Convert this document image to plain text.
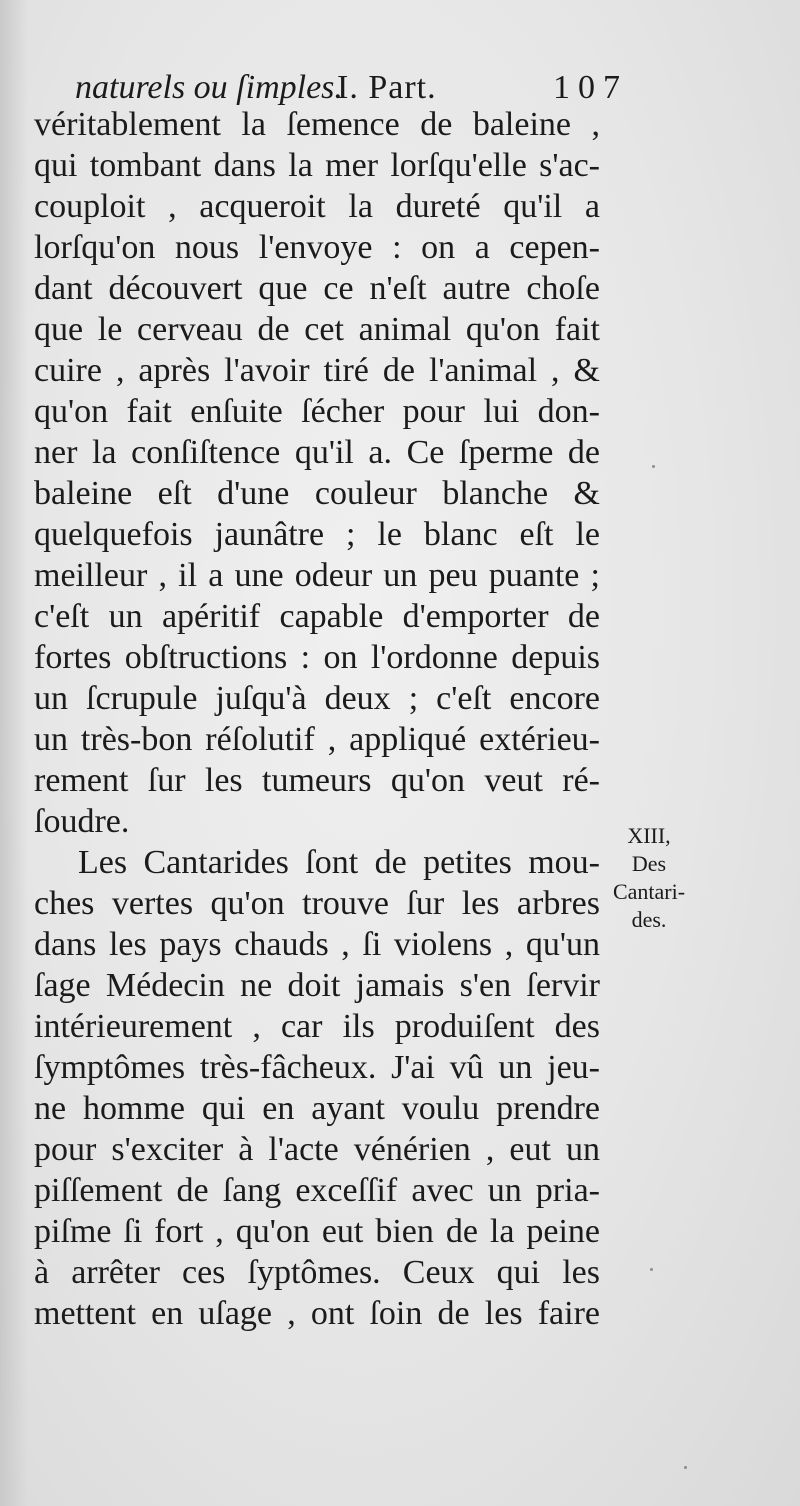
naturels ou ſimples.
I. Part.	107
véritablement la ſemence de baleine ,
qui tombant dans la mer lorſqu'elle s'ac-
couploit , acqueroit la dureté qu'il a
lorſqu'on nous l'envoye : on a cepen-
dant découvert que ce n'eſt autre choſe
que le cerveau de cet animal qu'on fait
cuire , après l'avoir tiré de l'animal , &
qu'on fait enſuite ſécher pour lui don-
ner la conſiſtence qu'il a. Ce ſperme de
baleine eſt d'une couleur blanche &
quelquefois jaunâtre ; le blanc eſt le
meilleur , il a une odeur un peu puante ;
c'eſt un apéritif capable d'emporter de
fortes obſtructions : on l'ordonne depuis
un ſcrupule juſqu'à deux ; c'eſt encore
un très-bon réſolutif , appliqué extérieu-
rement ſur les tumeurs qu'on veut ré-
ſoudre.
Les Cantarides ſont de petites mou-
ches vertes qu'on trouve ſur les arbres
dans les pays chauds , ſi violens , qu'un
ſage Médecin ne doit jamais s'en ſervir
intérieurement , car ils produiſent des
ſymptômes très-fâcheux. J'ai vû un jeu-
ne homme qui en ayant voulu prendre
pour s'exciter à l'acte vénérien , eut un
piſſement de ſang exceſſif avec un pria-
piſme ſi fort , qu'on eut bien de la peine
à arrêter ces ſyptômes. Ceux qui les
mettent en uſage , ont ſoin de les faire
XIII,
Des
Cantari-
des.
